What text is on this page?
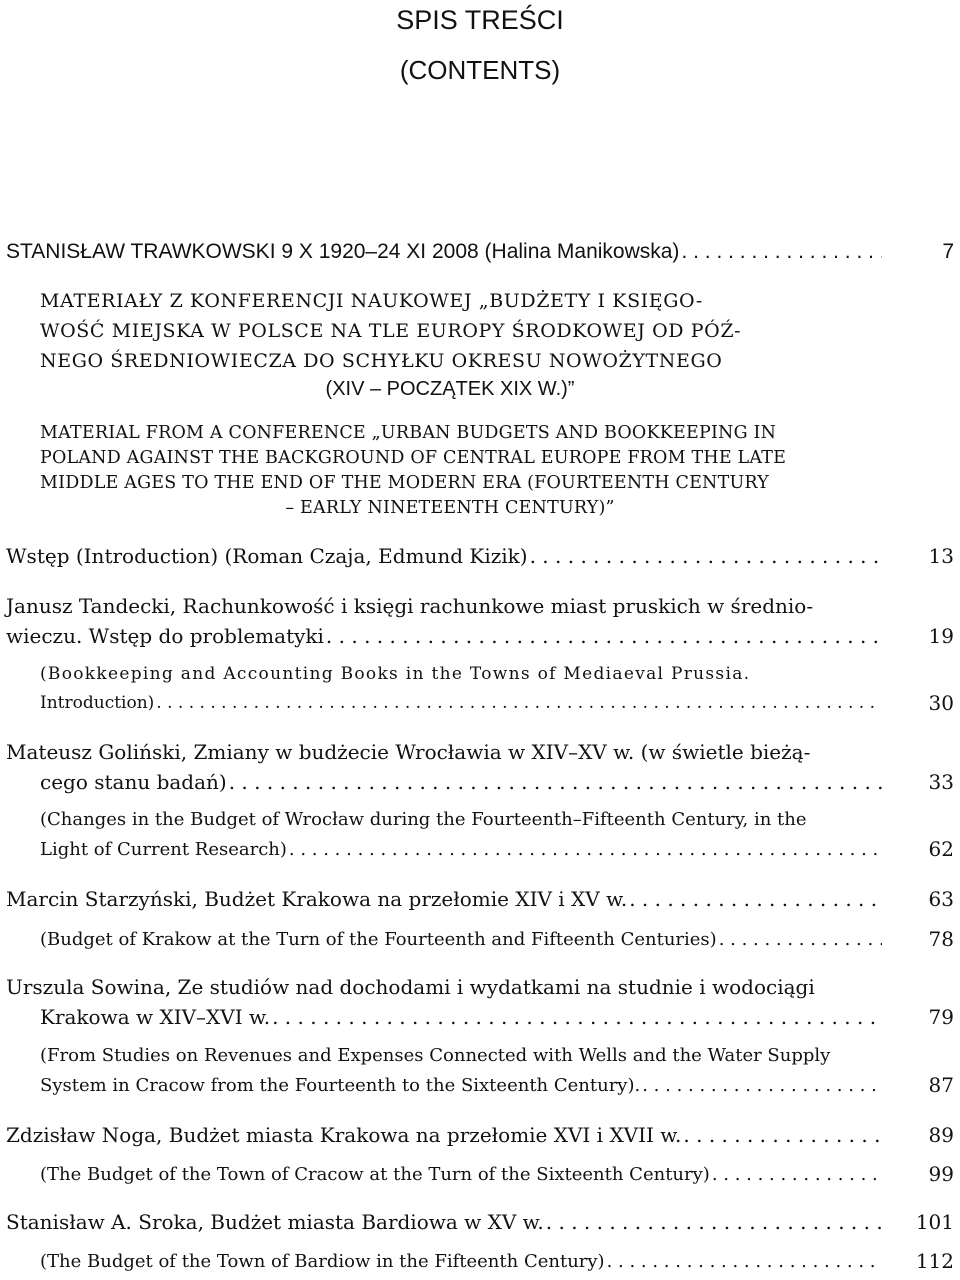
SPIS TREŚCI
(CONTENTS)
STANISŁAW TRAWKOWSKI 9 X 1920–24 XI 2008 (Halina Manikowska) . . .	7
MATERIAŁY Z KONFERENCJI NAUKOWEJ „BUDŻETY I KSIĘGO-
WOŚĆ MIEJSKA W POLSCE NA TLE EUROPY ŚRODKOWEJ OD PÓŹ-
NEGO ŚREDNIOWIECZA DO SCHYŁKU OKRESU NOWOŻYTNEGO
(XIV – POCZĄTEK XIX W.)”
MATERIAL FROM A CONFERENCE „URBAN BUDGETS AND BOOKKEEPING IN
POLAND AGAINST THE BACKGROUND OF CENTRAL EUROPE FROM THE LATE
MIDDLE AGES TO THE END OF THE MODERN ERA (FOURTEENTH CENTURY
– EARLY NINETEENTH CENTURY)”
Wstęp (Introduction) (Roman Czaja, Edmund Kizik) . . .	13
Janusz Tandecki, Rachunkowość i księgi rachunkowe miast pruskich w średnio-
wieczu. Wstęp do problematyki . . .	19
(Bookkeeping and Accounting Books in the Towns of Mediaeval Prussia.
Introduction) . . .	30
Mateusz Goliński, Zmiany w budżecie Wrocławia w XIV–XV w. (w świetle bieżą-
cego stanu badań) . . .	33
(Changes in the Budget of Wrocław during the Fourteenth–Fifteenth Century, in the
Light of Current Research) . . .	62
Marcin Starzyński, Budżet Krakowa na przełomie XIV i XV w. . . .	63
(Budget of Krakow at the Turn of the Fourteenth and Fifteenth Centuries) . . .	78
Urszula Sowina, Ze studiów nad dochodami i wydatkami na studnie i wodociągi
Krakowa w XIV–XVI w. . . .	79
(From Studies on Revenues and Expenses Connected with Wells and the Water Supply
System in Cracow from the Fourteenth to the Sixteenth Century). . . .	87
Zdzisław Noga, Budżet miasta Krakowa na przełomie XVI i XVII w. . . .	89
(The Budget of the Town of Cracow at the Turn of the Sixteenth Century) . . .	99
Stanisław A. Sroka, Budżet miasta Bardiowa w XV w. . . .	101
(The Budget of the Town of Bardiow in the Fifteenth Century) . . .	112
